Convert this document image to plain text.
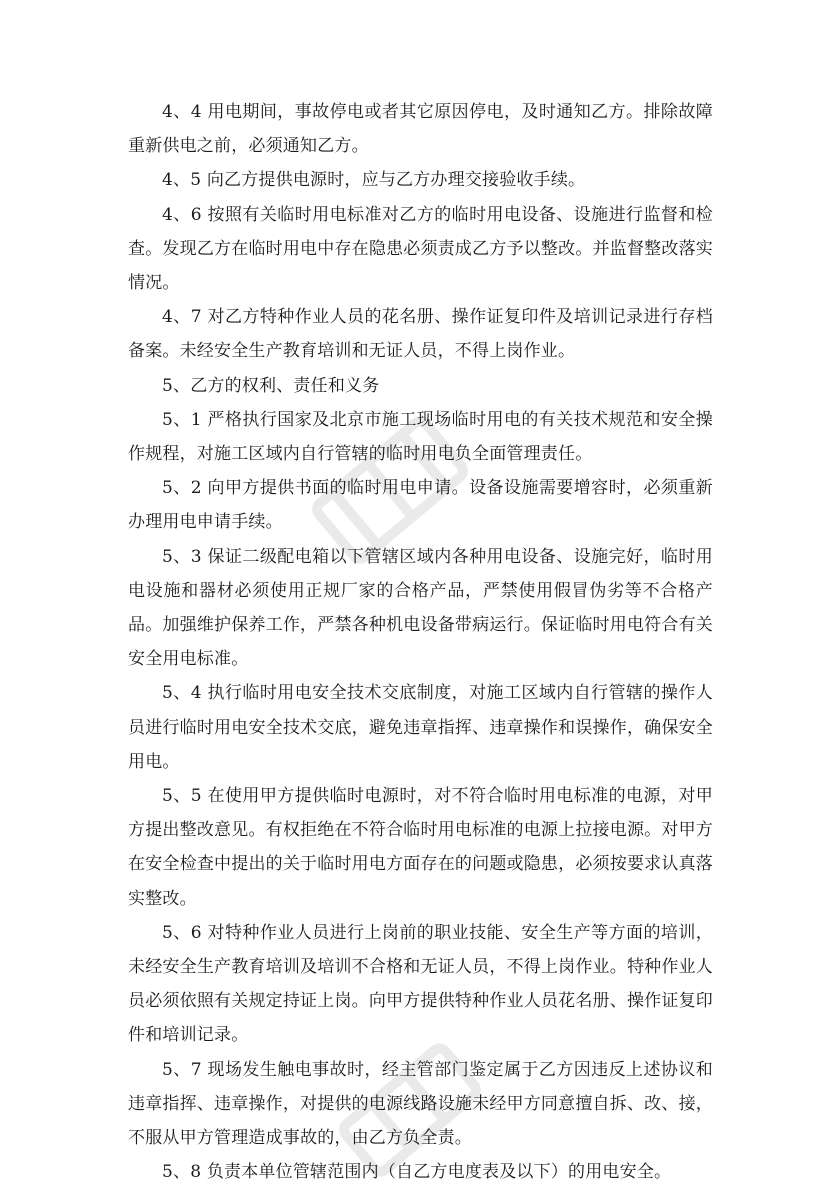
4、4 用电期间，事故停电或者其它原因停电，及时通知乙方。排除故障重新供电之前，必须通知乙方。

4、5 向乙方提供电源时，应与乙方办理交接验收手续。

4、6 按照有关临时用电标准对乙方的临时用电设备、设施进行监督和检查。发现乙方在临时用电中存在隐患必须责成乙方予以整改。并监督整改落实情况。

4、7 对乙方特种作业人员的花名册、操作证复印件及培训记录进行存档备案。未经安全生产教育培训和无证人员，不得上岗作业。

5、乙方的权利、责任和义务

5、1 严格执行国家及北京市施工现场临时用电的有关技术规范和安全操作规程，对施工区域内自行管辖的临时用电负全面管理责任。

5、2 向甲方提供书面的临时用电申请。设备设施需要增容时，必须重新办理用电申请手续。

5、3 保证二级配电箱以下管辖区域内各种用电设备、设施完好，临时用电设施和器材必须使用正规厂家的合格产品，严禁使用假冒伪劣等不合格产品。加强维护保养工作，严禁各种机电设备带病运行。保证临时用电符合有关安全用电标准。

5、4 执行临时用电安全技术交底制度，对施工区域内自行管辖的操作人员进行临时用电安全技术交底，避免违章指挥、违章操作和误操作，确保安全用电。

5、5 在使用甲方提供临时电源时，对不符合临时用电标准的电源，对甲方提出整改意见。有权拒绝在不符合临时用电标准的电源上拉接电源。对甲方在安全检查中提出的关于临时用电方面存在的问题或隐患，必须按要求认真落实整改。

5、6 对特种作业人员进行上岗前的职业技能、安全生产等方面的培训，未经安全生产教育培训及培训不合格和无证人员，不得上岗作业。特种作业人员必须依照有关规定持证上岗。向甲方提供特种作业人员花名册、操作证复印件和培训记录。

5、7 现场发生触电事故时，经主管部门鉴定属于乙方因违反上述协议和违章指挥、违章操作，对提供的电源线路设施未经甲方同意擅自拆、改、接，不服从甲方管理造成事故的，由乙方负全责。

5、8 负责本单位管辖范围内（自乙方电度表及以下）的用电安全。
